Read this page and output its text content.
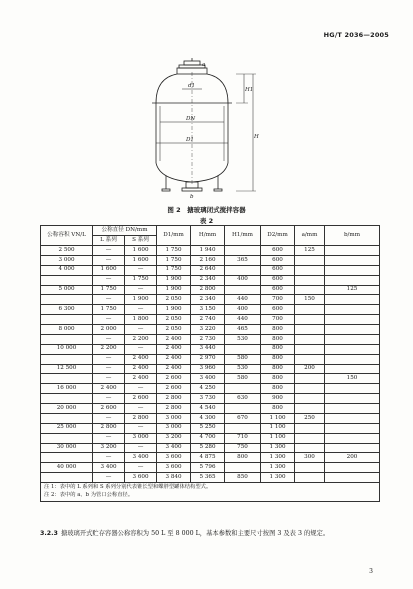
HG/T 2036—2005
d1
DN
D1
H1
H
b
a
图 2　搪玻璃闭式搅拌容器
表 2
公称容积 VN/L	公称直径 DN/mm		D1/mm	H/mm	H1/mm	D2/mm	a/mm	b/mm
	L 系列	S 系列						
2 500	—	1 600	1 750	1 940		600	125	
3 000	—	1 600	1 750	2 160	365	600		
4 000	1 600	—	1 750	2 640		600		
	—	1 750	1 900	2 340	400	600		
5 000	1 750	—	1 900	2 800		600		125
	—	1 900	2 050	2 340	440	700	150	
6 300	1 750	—	1 900	3 150	400	600		
	—	1 800	2 050	2 740	440	700		
8 000	2 000	—	2 050	3 220	465	800		
	—	2 200	2 400	2 730	530	800		
10 000	2 200	—	2 400	3 440		800		
	—	2 400	2 400	2 970	580	800		
12 500	—	2 400	2 400	3 960	530	800	200	
	—	2 400	2 600	3 400	580	800		150
16 000	2 400	—	2 600	4 250		800		
	—	2 600	2 800	3 730	630	900		
20 000	2 600	—	2 800	4 540		800		
	—	2 800	3 000	4 300	670	1 100	250	
25 000	2 800	—	3 000	5 250		1 100		
	—	3 000	3 200	4 700	710	1 100		
30 000	3 200	—	3 400	5 280	750	1 300		
	—	3 400	3 600	4 875	800	1 300	300	200
40 000	3 400	—	3 600	5 796		1 300		
	—	3 600	3 840	5 365	850	1 300		

注 1：表中的 L 系列和 S 系列分别代表锥长型和蝶胖型罐体结构型式。
注 2：表中的 a、b 为管口公称直径。								
3.2.3 搪玻璃开式贮存容器公称容积为 50 L 至 8 000 L，基本参数和主要尺寸按图 3 及表 3 的规定。
3
